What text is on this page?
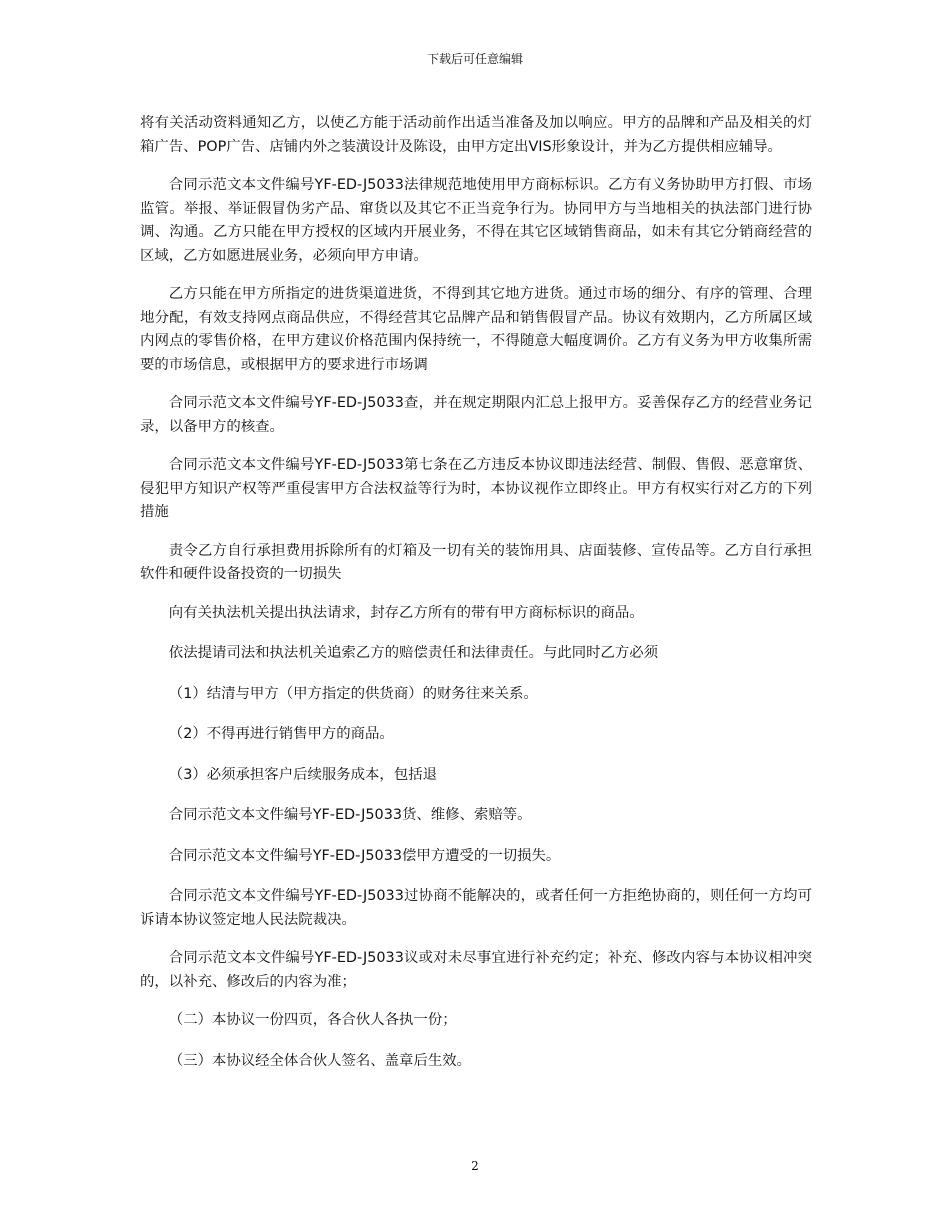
下载后可任意编辑

将有关活动资料通知乙方，以使乙方能于活动前作出适当准备及加以响应。甲方的品牌和产品及相关的灯箱广告、POP广告、店铺内外之装潢设计及陈设，由甲方定出VIS形象设计，并为乙方提供相应辅导。

合同示范文本文件编号YF-ED-J5033法律规范地使用甲方商标标识。乙方有义务协助甲方打假、市场监管。举报、举证假冒伪劣产品、窜货以及其它不正当竞争行为。协同甲方与当地相关的执法部门进行协调、沟通。乙方只能在甲方授权的区域内开展业务，不得在其它区域销售商品，如未有其它分销商经营的区域，乙方如愿进展业务，必须向甲方申请。

乙方只能在甲方所指定的进货渠道进货，不得到其它地方进货。通过市场的细分、有序的管理、合理地分配，有效支持网点商品供应，不得经营其它品牌产品和销售假冒产品。协议有效期内，乙方所属区域内网点的零售价格，在甲方建议价格范围内保持统一，不得随意大幅度调价。乙方有义务为甲方收集所需要的市场信息，或根据甲方的要求进行市场调

合同示范文本文件编号YF-ED-J5033查，并在规定期限内汇总上报甲方。妥善保存乙方的经营业务记录，以备甲方的核查。

合同示范文本文件编号YF-ED-J5033第七条在乙方违反本协议即违法经营、制假、售假、恶意窜货、侵犯甲方知识产权等严重侵害甲方合法权益等行为时，本协议视作立即终止。甲方有权实行对乙方的下列措施

责令乙方自行承担费用拆除所有的灯箱及一切有关的装饰用具、店面装修、宣传品等。乙方自行承担软件和硬件设备投资的一切损失

向有关执法机关提出执法请求，封存乙方所有的带有甲方商标标识的商品。

依法提请司法和执法机关追索乙方的赔偿责任和法律责任。与此同时乙方必须

（1）结清与甲方（甲方指定的供货商）的财务往来关系。

（2）不得再进行销售甲方的商品。

（3）必须承担客户后续服务成本，包括退

合同示范文本文件编号YF-ED-J5033货、维修、索赔等。

合同示范文本文件编号YF-ED-J5033偿甲方遭受的一切损失。

合同示范文本文件编号YF-ED-J5033过协商不能解决的，或者任何一方拒绝协商的，则任何一方均可诉请本协议签定地人民法院裁决。

合同示范文本文件编号YF-ED-J5033议或对未尽事宜进行补充约定；补充、修改内容与本协议相冲突的，以补充、修改后的内容为准；

（二）本协议一份四页，各合伙人各执一份；

（三）本协议经全体合伙人签名、盖章后生效。

2
